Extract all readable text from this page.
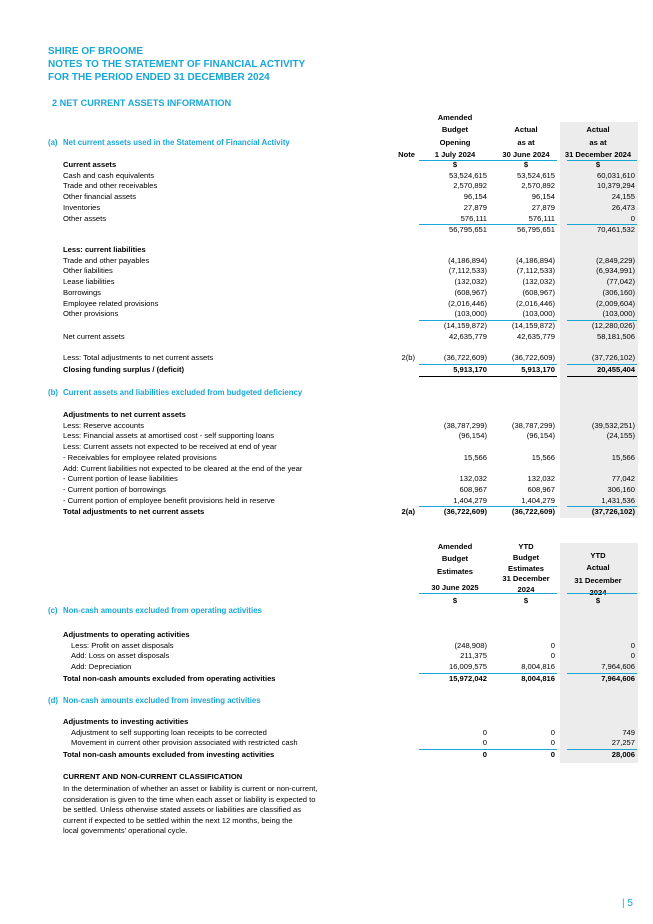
SHIRE OF BROOME
NOTES TO THE STATEMENT OF FINANCIAL ACTIVITY
FOR THE PERIOD ENDED 31 DECEMBER 2024
2 NET CURRENT ASSETS INFORMATION
Amended
Budget
Opening
1 July 2024
Actual
as at
30 June 2024
Actual
as at
31 December 2024
Note
(a) Net current assets used in the Statement of Financial Activity
$	$	$
Current assets
Cash and cash equivalents	53,524,615	53,524,615	60,031,610
Trade and other receivables	2,570,892	2,570,892	10,379,294
Other financial assets	96,154	96,154	24,155
Inventories	27,879	27,879	26,473
Other assets	576,111	576,111	0
56,795,651	56,795,651	70,461,532
Less: current liabilities
Trade and other payables	(4,186,894)	(4,186,894)	(2,849,229)
Other liabilities	(7,112,533)	(7,112,533)	(6,934,991)
Lease liabilities	(132,032)	(132,032)	(77,042)
Borrowings	(608,967)	(608,967)	(306,160)
Employee related provisions	(2,016,446)	(2,016,446)	(2,009,604)
Other provisions	(103,000)	(103,000)	(103,000)
(14,159,872)	(14,159,872)	(12,280,026)
Net current assets	42,635,779	42,635,779	58,181,506
Less: Total adjustments to net current assets	2(b)	(36,722,609)	(36,722,609)	(37,726,102)
Closing funding surplus / (deficit)	5,913,170	5,913,170	20,455,404
(b) Current assets and liabilities excluded from budgeted deficiency
Adjustments to net current assets
Less: Reserve accounts	(38,787,299)	(38,787,299)	(39,532,251)
Less: Financial assets at amortised cost - self supporting loans	(96,154)	(96,154)	(24,155)
Less: Current assets not expected to be received at end of year
- Receivables for employee related provisions	15,566	15,566	15,566
Add: Current liabilities not expected to be cleared at the end of the year
- Current portion of lease liabilities	132,032	132,032	77,042
- Current portion of borrowings	608,967	608,967	306,160
- Current portion of employee benefit provisions held in reserve	1,404,279	1,404,279	1,431,536
Total adjustments to net current assets	2(a)	(36,722,609)	(36,722,609)	(37,726,102)
Amended
Budget
Estimates
30 June 2025
YTD
Budget
Estimates
31 December
2024
YTD
Actual
31 December
2024
$	$	$
(c) Non-cash amounts excluded from operating activities
Adjustments to operating activities
Less: Profit on asset disposals	(248,908)	0	0
Add: Loss on asset disposals	211,375	0	0
Add: Depreciation	16,009,575	8,004,816	7,964,606
Total non-cash amounts excluded from operating activities	15,972,042	8,004,816	7,964,606
(d) Non-cash amounts excluded from investing activities
Adjustments to investing activities
Adjustment to self supporting loan receipts to be corrected	0	0	749
Movement in current other provision associated with restricted cash	0	0	27,257
Total non-cash amounts excluded from investing activities	0	0	28,006
CURRENT AND NON-CURRENT CLASSIFICATION
In the determination of whether an asset or liability is current or non-current,
consideration is given to the time when each asset or liability is expected to
be settled. Unless otherwise stated assets or liabilities are classified as
current if expected to be settled within the next 12 months, being the
local governments' operational cycle.
| 5
